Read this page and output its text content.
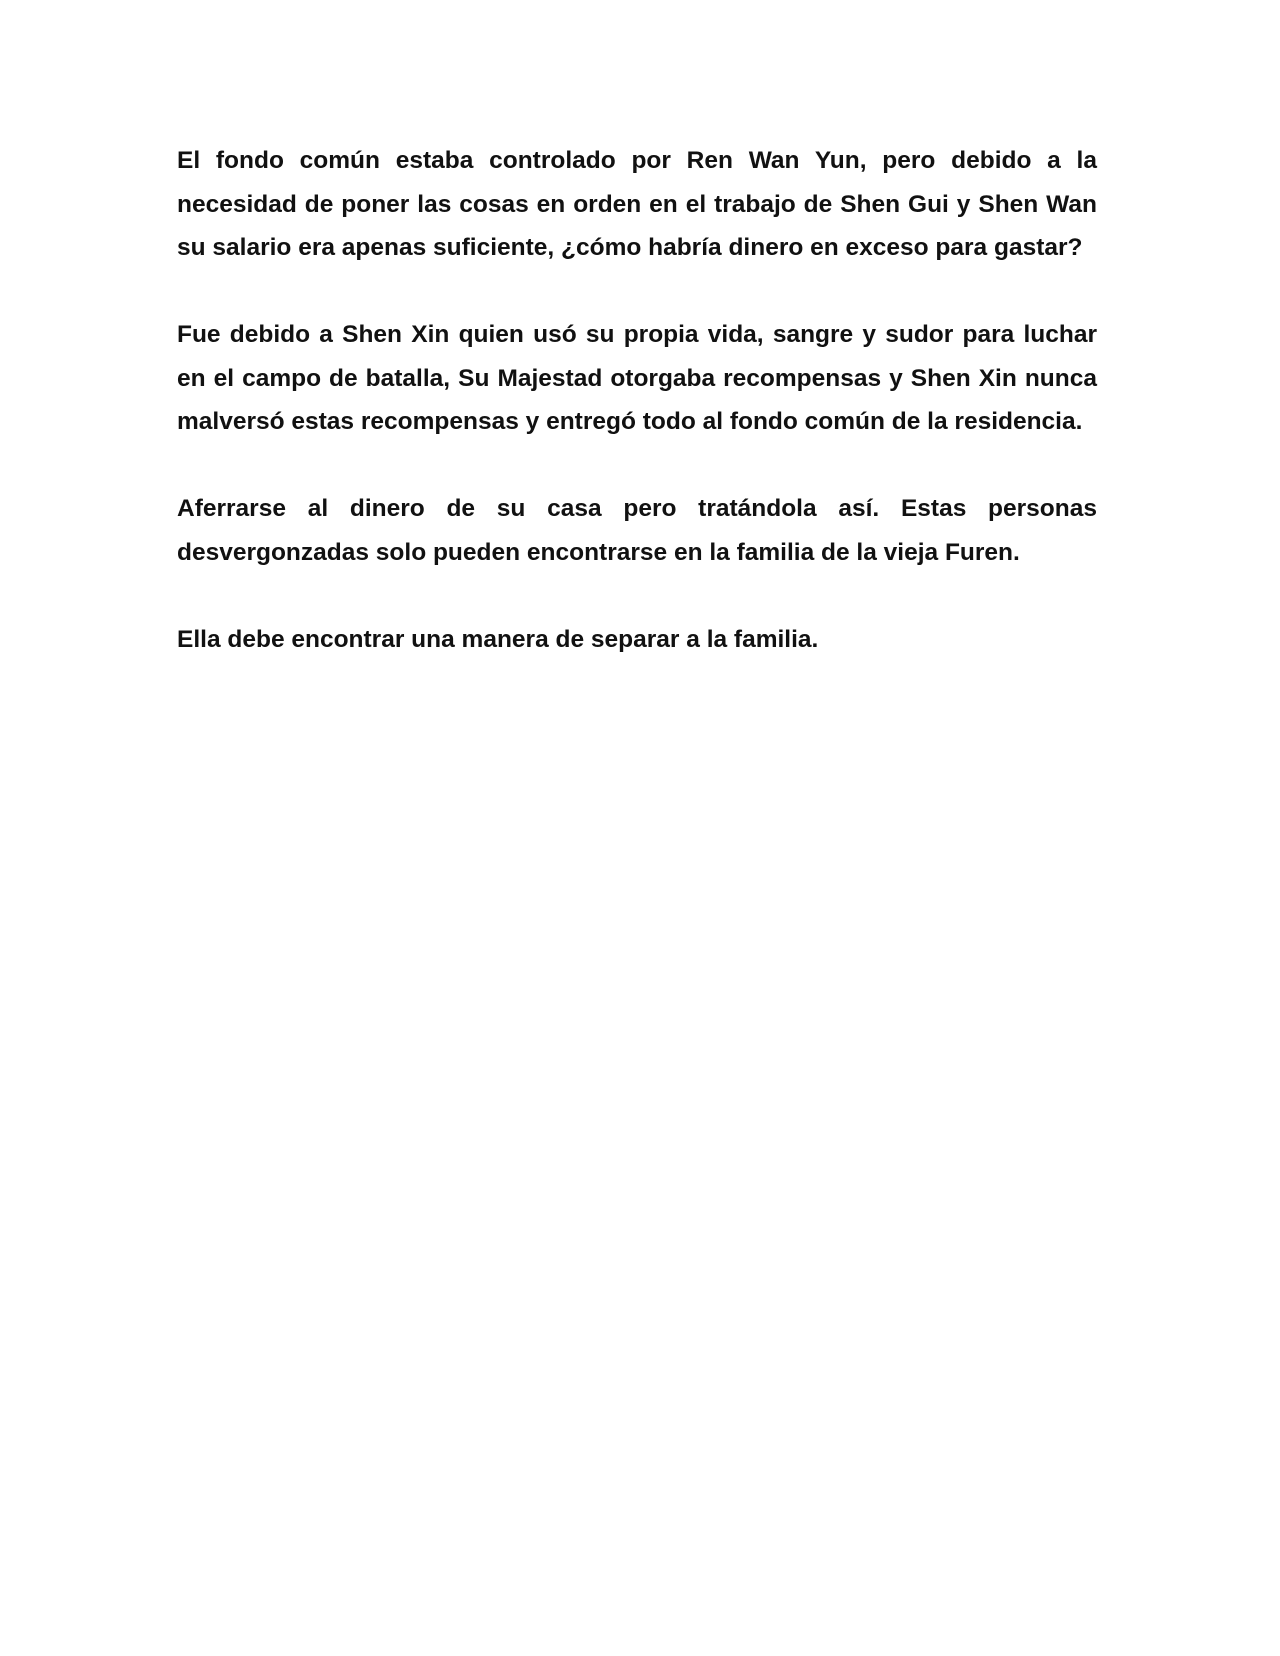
El fondo común estaba controlado por Ren Wan Yun, pero debido a la necesidad de poner las cosas en orden en el trabajo de Shen Gui y Shen Wan su salario era apenas suficiente, ¿cómo habría dinero en exceso para gastar?

Fue debido a Shen Xin quien usó su propia vida, sangre y sudor para luchar en el campo de batalla, Su Majestad otorgaba recompensas y Shen Xin nunca malversó estas recompensas y entregó todo al fondo común de la residencia.

Aferrarse al dinero de su casa pero tratándola así. Estas personas desvergonzadas solo pueden encontrarse en la familia de la vieja Furen.

Ella debe encontrar una manera de separar a la familia.
